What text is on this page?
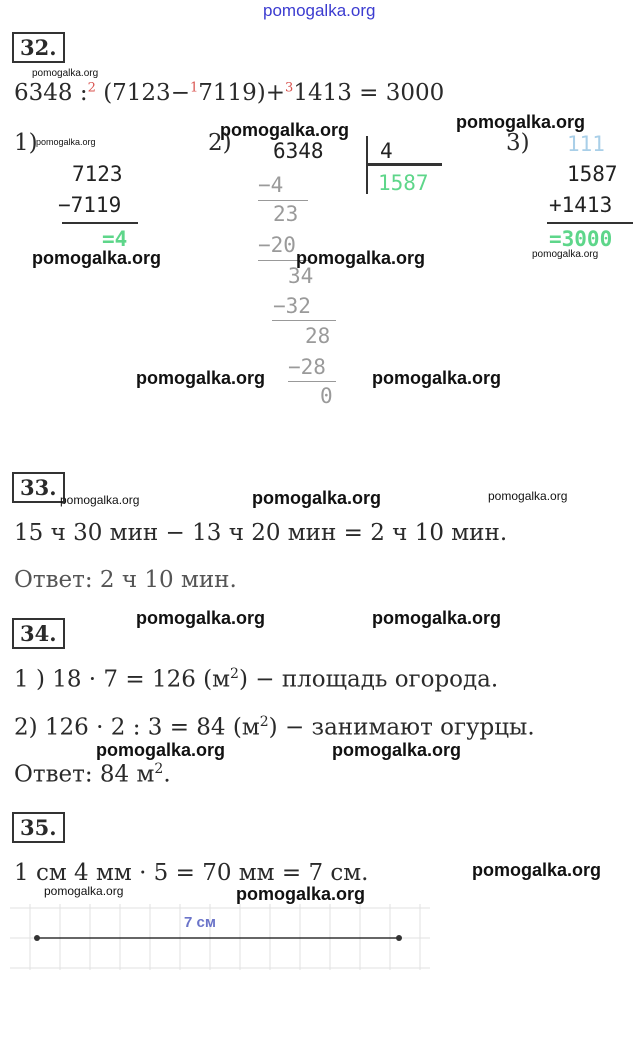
pomogalka.org
32.
pomogalka.org
6348 :$^2$ (7123−$^1$7119)+$^3$1413 = 3000
1)
pomogalka.org
pomogalka.org
2)
pomogalka.org
3)
7123
−7119
=4
pomogalka.org
6348	4
1587
−4
23
−20
34
−32
28
−28
0
pomogalka.org
pomogalka.org	pomogalka.org
111
1587
+1413
=3000
pomogalka.org
33. pomogalka.org	pomogalka.org	pomogalka.org
15 ч 30 мин − 13 ч 20 мин = 2 ч 10 мин.
Ответ: 2 ч 10 мин.
34.
pomogalka.org	pomogalka.org
1 ) 18 · 7 = 126 $(м^2)$ − площадь огорода.
2) 126 · 2 : 3 = 84 $(м^2)$ − занимают огурцы.
pomogalka.org	pomogalka.org
Ответ: 84 $м^2$.
35.
1 см 4 мм · 5 = 70 мм = 7 см.	pomogalka.org
pomogalka.org	pomogalka.org
7 см
